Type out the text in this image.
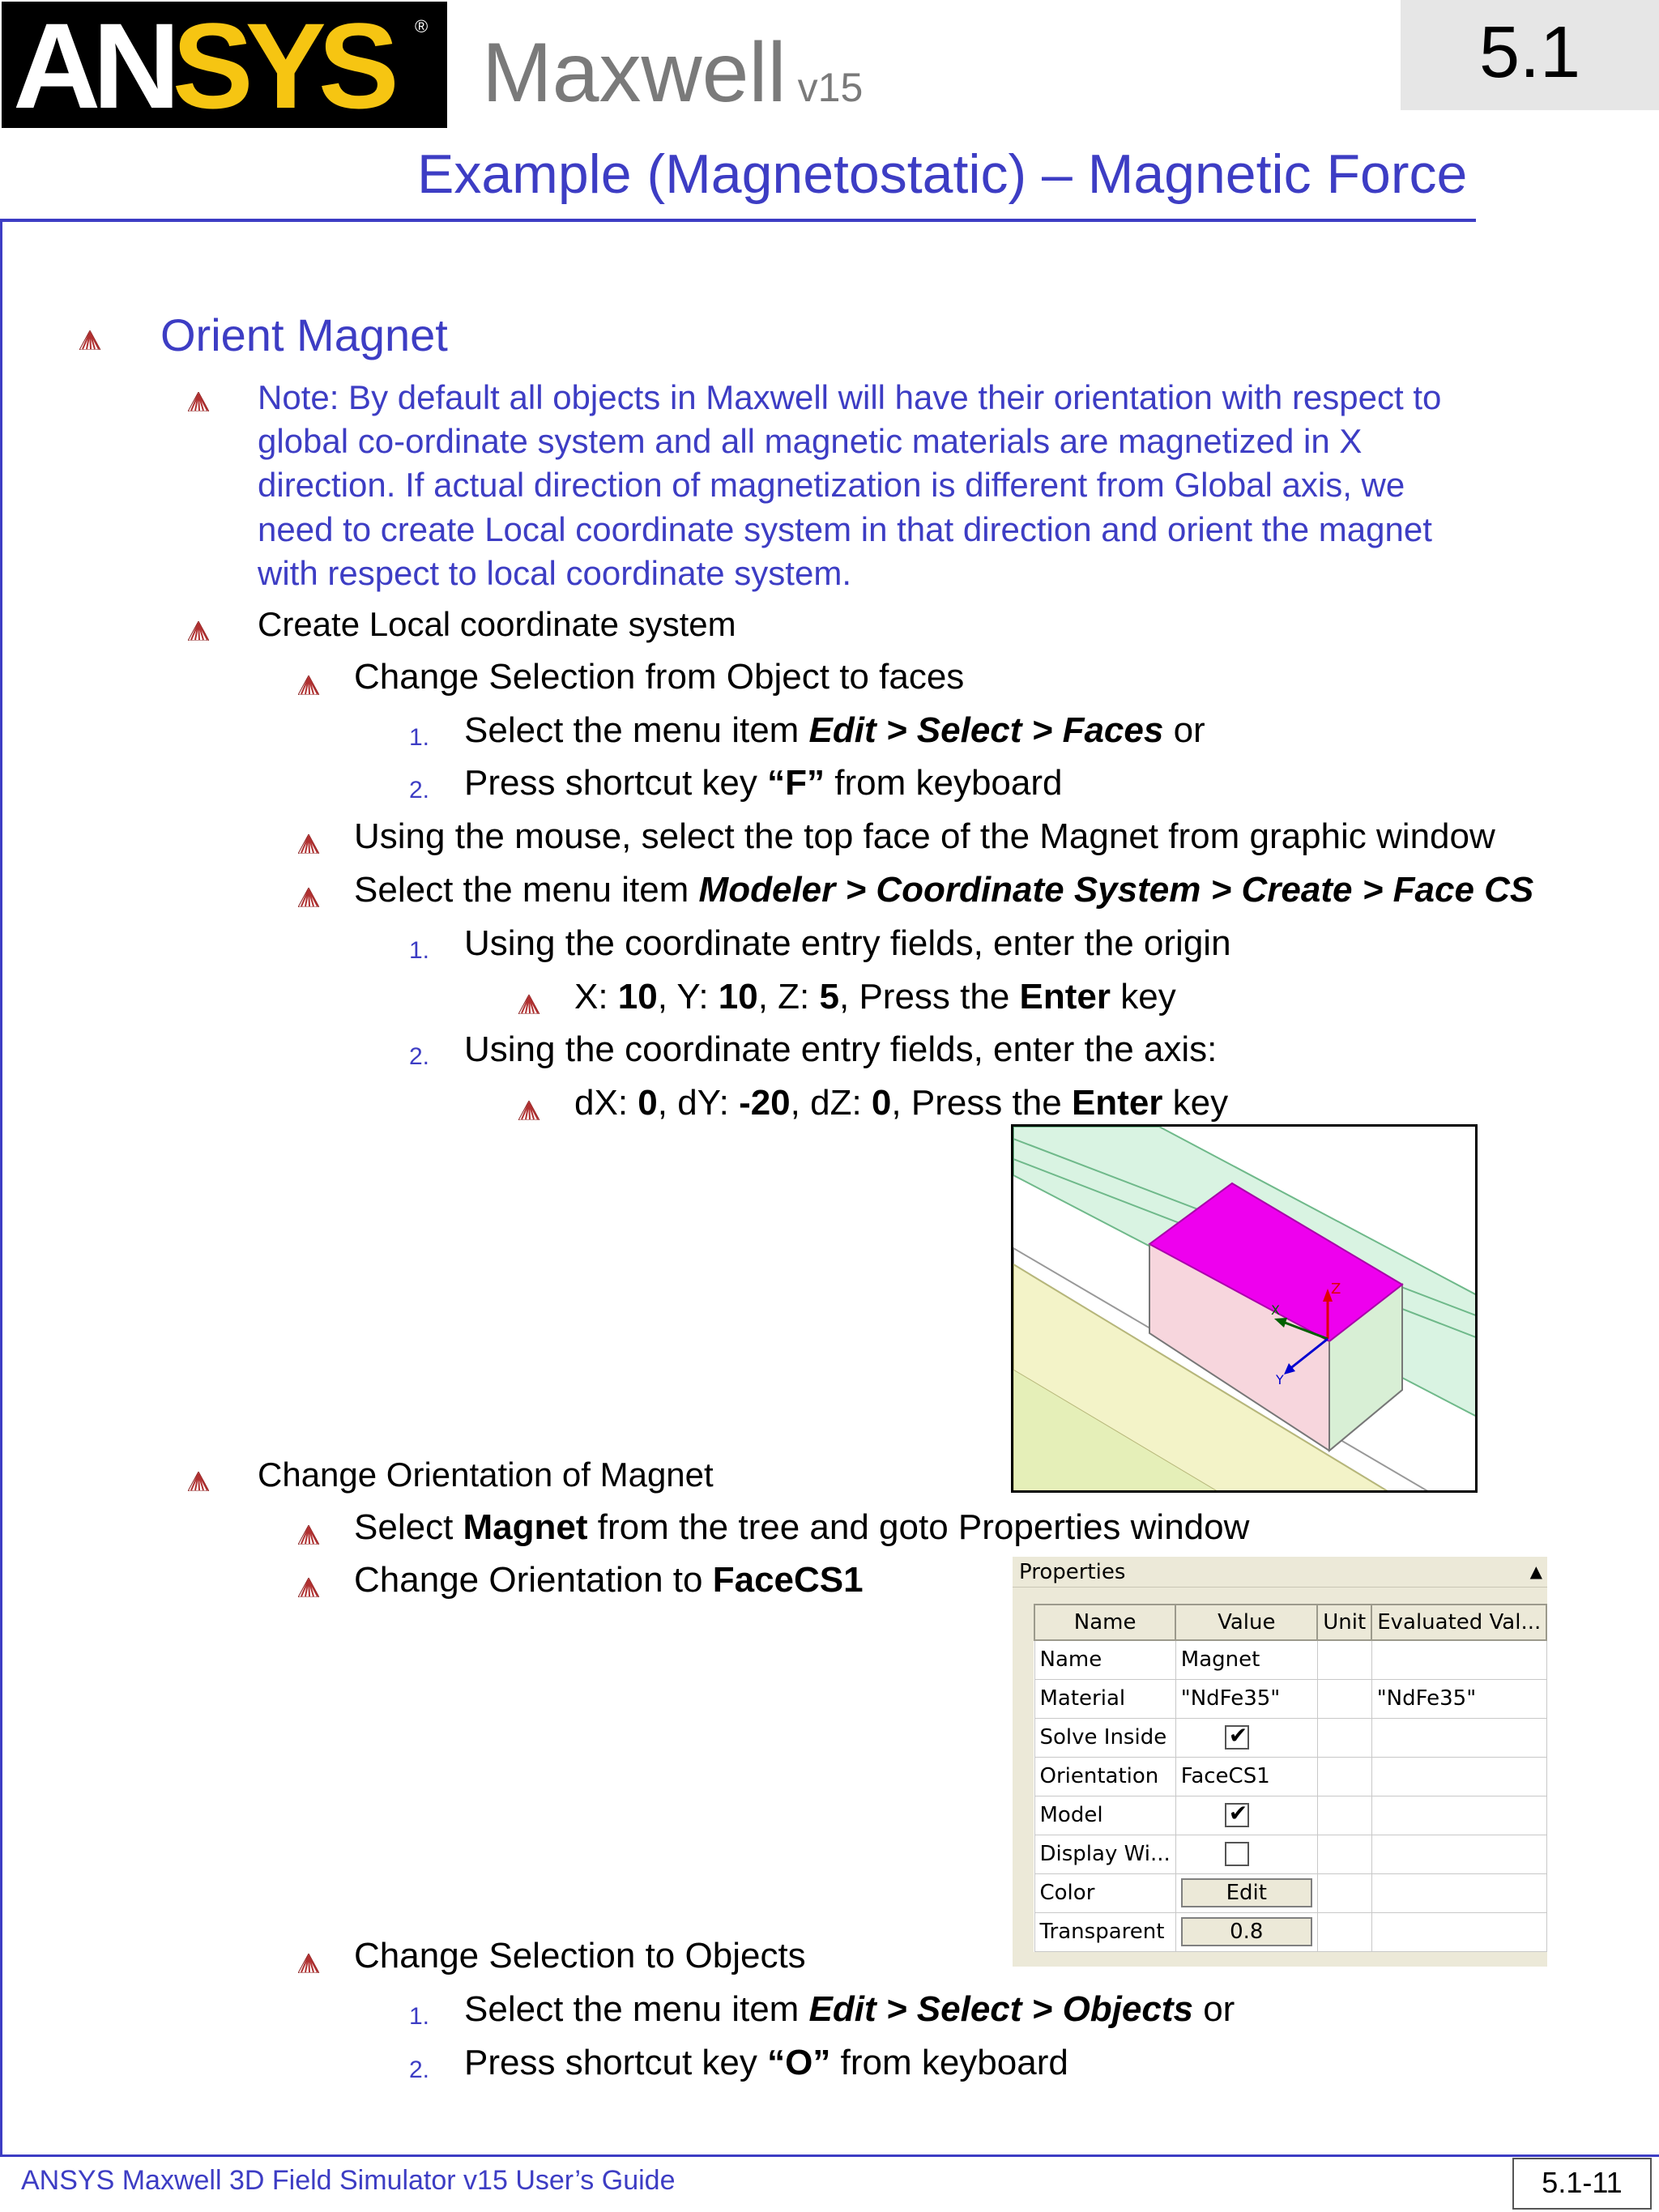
ANSYS ® Maxwell v15	5.1
Example (Magnetostatic) – Magnetic Force
Orient Magnet
Note: By default all objects in Maxwell will have their orientation with respect to
global co-ordinate system and all magnetic materials are magnetized in X
direction. If actual direction of magnetization is different from Global axis, we
need to create Local coordinate system in that direction and orient the magnet
with respect to local coordinate system.
Create Local coordinate system
Change Selection from Object to faces
1. Select the menu item Edit > Select > Faces or
2. Press shortcut key “F” from keyboard
Using the mouse, select the top face of the Magnet from graphic window
Select the menu item Modeler > Coordinate System > Create > Face CS
1. Using the coordinate entry fields, enter the origin
X: 10, Y: 10, Z: 5, Press the Enter key
2. Using the coordinate entry fields, enter the axis:
dX: 0, dY: -20, dZ: 0, Press the Enter key
Z
X
Y
Change Orientation of Magnet
Select Magnet from the tree and goto Properties window
Change Orientation to FaceCS1	Properties	▲
Name	Value	Unit	Evaluated Val...
Name	Magnet		
Material	"NdFe35"		"NdFe35"
Solve Inside	✔		

Orientation	FaceCS1		
Model	✔		

Display Wi...			
Color	Edit		
Transparent	0.8		
Change Selection to Objects
1. Select the menu item Edit > Select > Objects or
2. Press shortcut key “O” from keyboard
ANSYS Maxwell 3D Field Simulator v15 User’s Guide	5.1-11
